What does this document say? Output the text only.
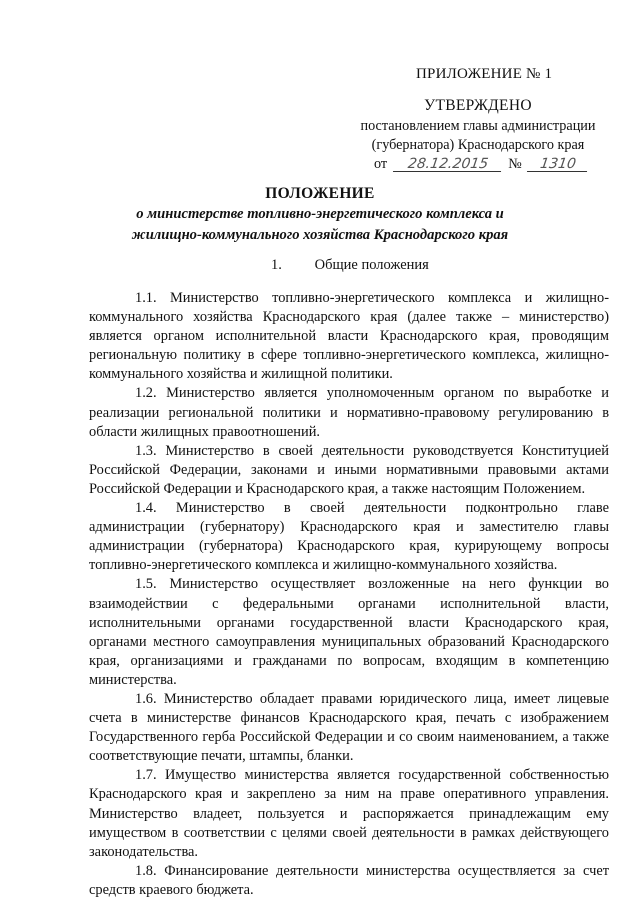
ПРИЛОЖЕНИЕ № 1
УТВЕРЖДЕНО
постановлением главы администрации
(губернатора) Краснодарского края
от 28.12.2015 № 1310
ПОЛОЖЕНИЕ
о министерстве топливно-энергетического комплекса и
жилищно-коммунального хозяйства Краснодарского края
1. Общие положения

1.1. Министерство топливно-энергетического комплекса и жилищно-коммунального хозяйства Краснодарского края (далее также – министерство) является органом исполнительной власти Краснодарского края, проводящим региональную политику в сфере топливно-энергетического комплекса, жилищно-коммунального хозяйства и жилищной политики.

1.2. Министерство является уполномоченным органом по выработке и реализации региональной политики и нормативно-правовому регулированию в области жилищных правоотношений.

1.3. Министерство в своей деятельности руководствуется Конституцией Российской Федерации, законами и иными нормативными правовыми актами Российской Федерации и Краснодарского края, а также настоящим Положением.

1.4. Министерство в своей деятельности подконтрольно главе администрации (губернатору) Краснодарского края и заместителю главы администрации (губернатора) Краснодарского края, курирующему вопросы топливно-энергетического комплекса и жилищно-коммунального хозяйства.

1.5. Министерство осуществляет возложенные на него функции во взаимодействии с федеральными органами исполнительной власти, исполнительными органами государственной власти Краснодарского края, органами местного самоуправления муниципальных образований Краснодарского края, организациями и гражданами по вопросам, входящим в компетенцию министерства.

1.6. Министерство обладает правами юридического лица, имеет лицевые счета в министерстве финансов Краснодарского края, печать с изображением Государственного герба Российской Федерации и со своим наименованием, а также соответствующие печати, штампы, бланки.

1.7. Имущество министерства является государственной собственностью Краснодарского края и закреплено за ним на праве оперативного управления. Министерство владеет, пользуется и распоряжается принадлежащим ему имуществом в соответствии с целями своей деятельности в рамках действующего законодательства.

1.8. Финансирование деятельности министерства осуществляется за счет средств краевого бюджета.
